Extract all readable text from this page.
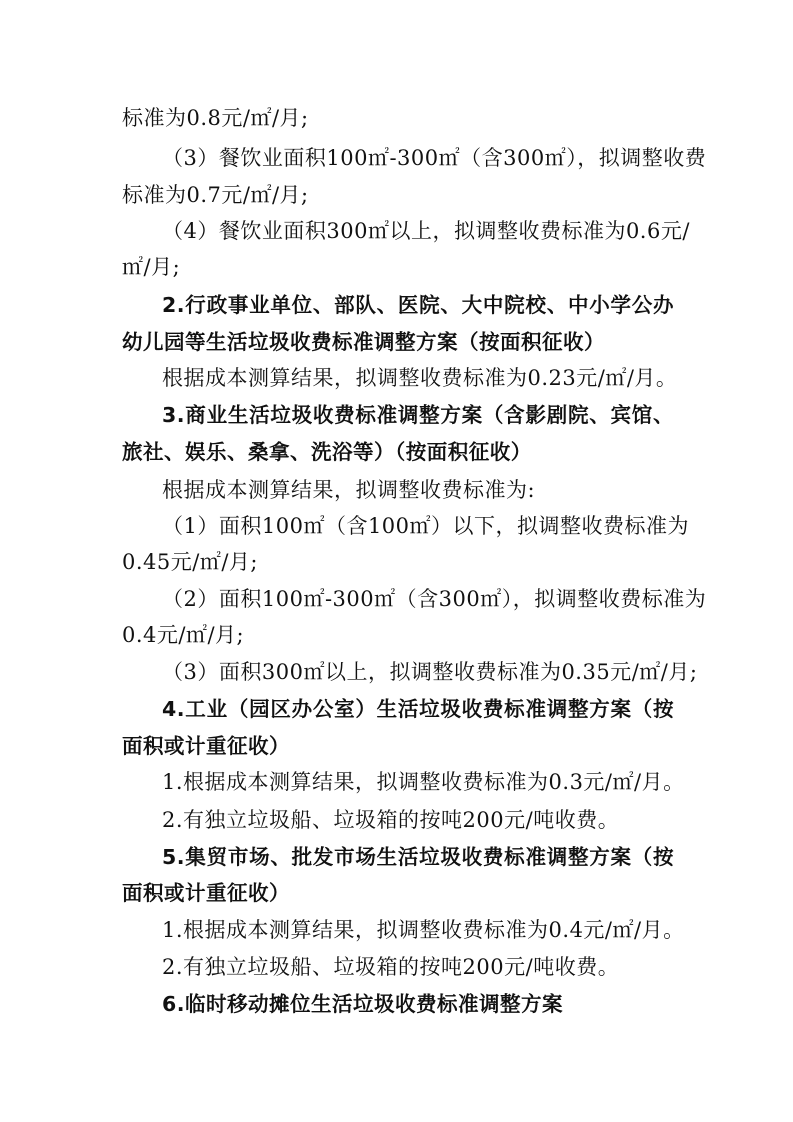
标准为0.8元/㎡/月;
（3）餐饮业面积100㎡-300㎡（含300㎡），拟调整收费
标准为0.7元/㎡/月;
（4）餐饮业面积300㎡以上，拟调整收费标准为0.6元/
㎡/月;
2.行政事业单位、部队、医院、大中院校、中小学公办
幼儿园等生活垃圾收费标准调整方案（按面积征收）
根据成本测算结果，拟调整收费标准为0.23元/㎡/月。
3.商业生活垃圾收费标准调整方案（含影剧院、宾馆、
旅社、娱乐、桑拿、洗浴等）（按面积征收）
根据成本测算结果，拟调整收费标准为:
（1）面积100㎡（含100㎡）以下，拟调整收费标准为
0.45元/㎡/月;
（2）面积100㎡-300㎡（含300㎡），拟调整收费标准为
0.4元/㎡/月;
（3）面积300㎡以上，拟调整收费标准为0.35元/㎡/月;
4.工业（园区办公室）生活垃圾收费标准调整方案（按
面积或计重征收）
1.根据成本测算结果，拟调整收费标准为0.3元/㎡/月。
2.有独立垃圾船、垃圾箱的按吨200元/吨收费。
5.集贸市场、批发市场生活垃圾收费标准调整方案（按
面积或计重征收）
1.根据成本测算结果，拟调整收费标准为0.4元/㎡/月。
2.有独立垃圾船、垃圾箱的按吨200元/吨收费。
6.临时移动摊位生活垃圾收费标准调整方案
